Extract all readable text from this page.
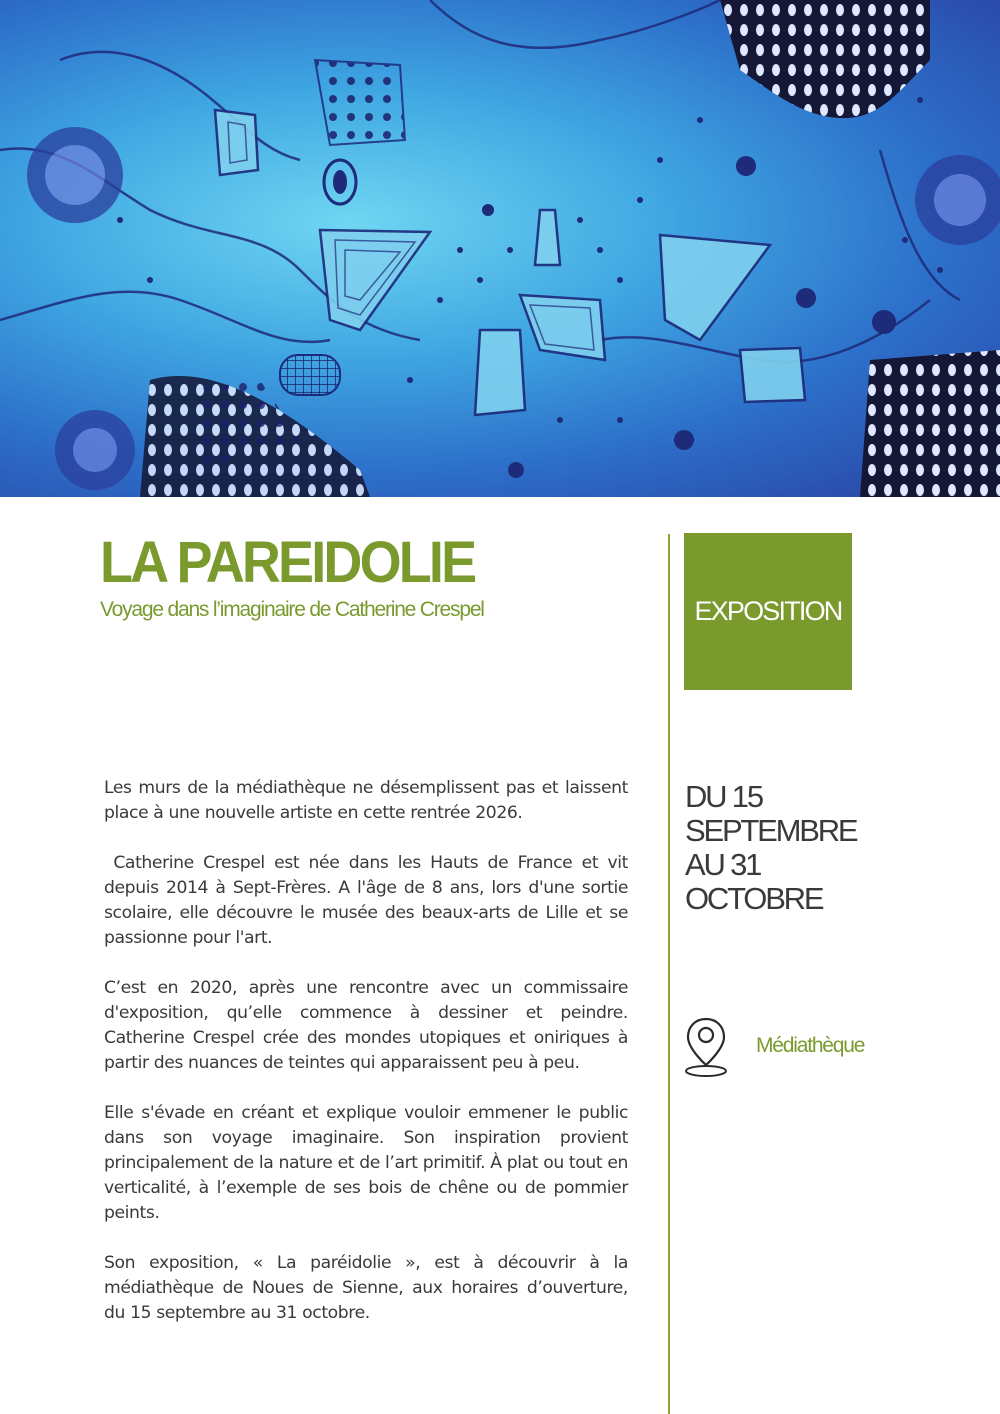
LA PAREIDOLIE

Voyage dans l’imaginaire de Catherine Crespel	EXPOSITION
DU 15
SEPTEMBRE
AU 31
OCTOBRE
Médiathèque

Les murs de la médiathèque ne désemplissent pas et laissent place à une nouvelle artiste en cette rentrée 2026.

Catherine Crespel est née dans les Hauts de France et vit depuis 2014 à Sept-Frères. A l'âge de 8 ans, lors d'une sortie scolaire, elle découvre le musée des beaux-arts de Lille et se passionne pour l'art.

C’est en 2020, après une rencontre avec un commissaire d'exposition, qu’elle commence à dessiner et peindre. Catherine Crespel crée des mondes utopiques et oniriques à partir des nuances de teintes qui apparaissent peu à peu.

Elle s'évade en créant et explique vouloir emmener le public dans son voyage imaginaire. Son inspiration provient principalement de la nature et de l’art primitif. À plat ou tout en verticalité, à l’exemple de ses bois de chêne ou de pommier peints.

Son exposition, « La paréidolie », est à découvrir à la médiathèque de Noues de Sienne, aux horaires d’ouverture, du 15 septembre au 31 octobre.
